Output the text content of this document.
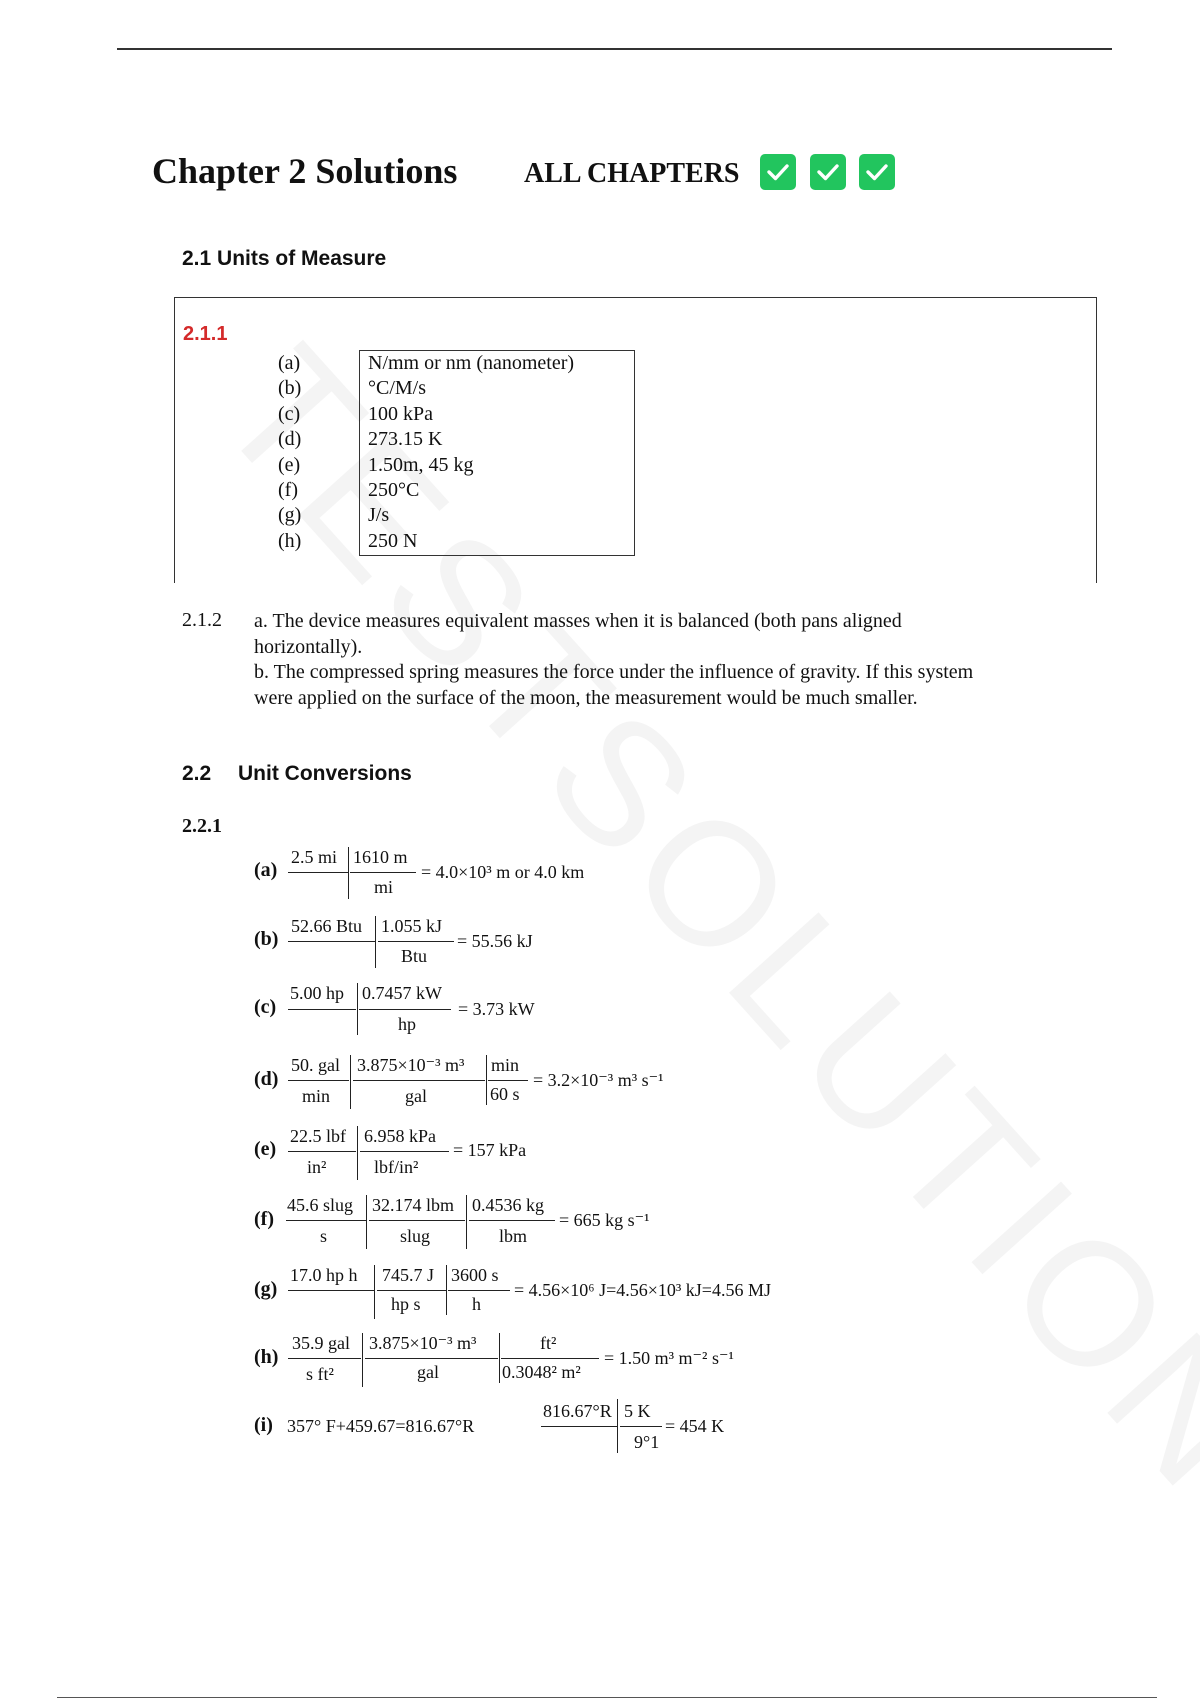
Chapter 2 Solutions ALL CHAPTERS
2.1 Units of Measure
2.1.1
(a)
(b)
(c)
(d)
(e)
(f)
(g)
(h)
N/mm or nm (nanometer)
°C/M/s
100 kPa
273.15 K
1.50m, 45 kg
250°C
J/s
250 N
2.1.2 a. The device measures equivalent masses when it is balanced (both pans aligned horizontally).
b. The compressed spring measures the force under the influence of gravity. If this system were applied on the surface of the moon, the measurement would be much smaller.
2.2 Unit Conversions
2.2.1
(a)
2.5 mi 1610 m
mi
= 4.0×10³ m or 4.0 km
(b)
52.66 Btu 1.055 kJ
Btu
= 55.56 kJ
(c)
5.00 hp 0.7457 kW
hp
= 3.73 kW
(d)
50. gal
min
3.875×10⁻³ m³
gal
min
60 s
= 3.2×10⁻³ m³ s⁻¹
(e)
22.5 lbf
in²
6.958 kPa
lbf/in²
= 157 kPa
(f)
45.6 slug
s
32.174 lbm
slug
0.4536 kg
lbm
= 665 kg s⁻¹
(g)
17.0 hp h 745.7 J
hp s
3600 s
h
= 4.56×10⁶ J=4.56×10³ kJ=4.56 MJ
(h)
35.9 gal
s ft²
3.875×10⁻³ m³
gal
ft²
0.3048² m²
= 1.50 m³ m⁻² s⁻¹
(i) 357° F+459.67=816.67°R
816.67°R 5 K
9°1
= 454 K
